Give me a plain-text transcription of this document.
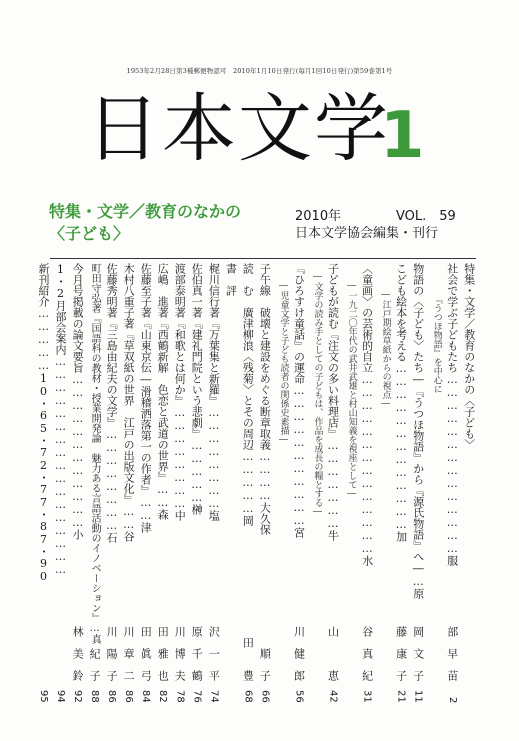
1953年2月28日第3種郵便物認可　2010年1月10日発行(毎月1回10日発行)第59巻第1号
日本文学
1
特集・文学／教育のなかの
〈子ども〉
2010年	VOL.　59
日本文学協会編集・刊行
特集・文学／教育のなかの〈子ども〉
社会で学ぶ子どもたち……………………………………服
部　早　苗
2
　　　　『うつほ物語』を中心に
物語の〈子ども〉たち―『うつほ物語』から『源氏物語』へ―…原
岡　文　子
11
こども絵本を考える…………………………………加
藤　康　子
21
　　　―江戸期絵草紙からの視点―
〈童画〉の芸術的自立……………………………………水
谷　真　紀
31
　　―一九二〇年代の武井武雄と村山知義を視座として―
子どもが読む『注文の多い料理店』…………………牛
山　　　恵
42
　―文学の読み手としての子どもは、作品を成長の糧とする―
『ひろすけ童話』の運命……………………………宮
川　健　郎
56
　　―児童文学と子ども読者の関係史素描―
子午線　破壊と建設をめぐる断章取義…………大久保
　順　子
66
読　む　廣津柳浪〈残菊〉とその周辺……………岡
田　　豊
68
書　評
梶川信行著『万葉集と新羅』……………………塩
沢　一　平
74
佐伯真一著『建礼門院という悲劇』……………榊
原　千　鶴
76
渡部泰明著『和歌とは何か』……………………中
川　博　夫
78
広嶋　進著『西鶴新解　色恋と武道の世界』……森
田　雅　也
82
佐藤至子著『山東京伝―滑稽洒落第一の作者』……津
田　眞　弓
84
木村八重子著『草双紙の世界　江戸の出版文化』……谷
川　章　二
86
佐藤秀明著『三島由紀夫の文学』……………………石
川　陽　子
86
町田守弘著『国語科の教材・授業開発論　魅力ある言語活動のイノベーション』…真
紀　子
88
今月号掲載の論文要旨………………………………小
林　美　鈴
92
1・2月部会案内……………………………………………
94
新刊紹介……………10・65・72・77・87・90
95
